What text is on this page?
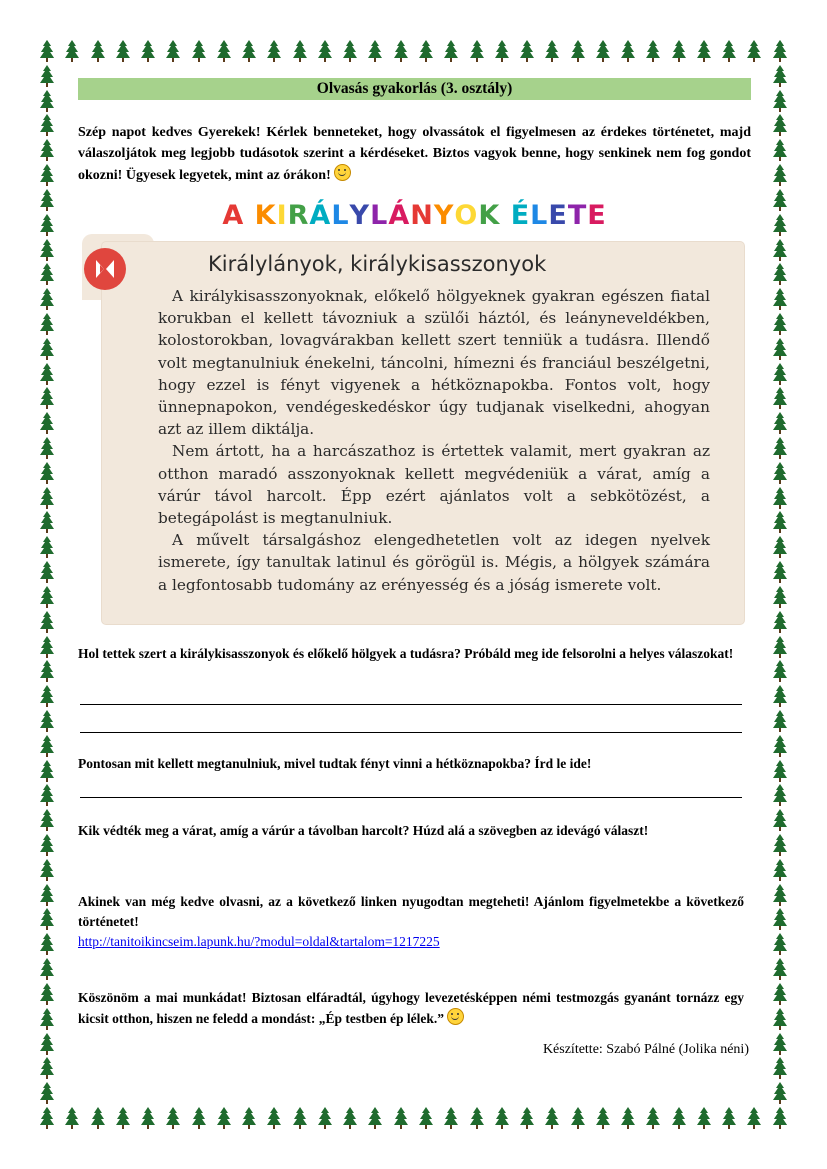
Olvasás gyakorlás (3. osztály)
Szép napot kedves Gyerekek! Kérlek benneteket, hogy olvassátok el figyelmesen az érdekes történetet, majd válaszoljátok meg legjobb tudásotok szerint a kérdéseket. Biztos vagyok benne, hogy senkinek nem fog gondot okozni! Ügyesek legyetek, mint az órákon!
A KIRÁLYLÁNYOK ÉLETE
Királylányok, királykisasszonyok

A királykisasszonyoknak, előkelő hölgyeknek gyakran egészen fiatal korukban el kellett távozniuk a szülői háztól, és leányneveldékben, kolostorokban, lovagvárakban kellett szert tenniük a tudásra. Illendő volt megtanulniuk énekelni, táncolni, hímezni és franciául beszélgetni, hogy ezzel is fényt vigyenek a hétköznapokba. Fontos volt, hogy ünnepnapokon, vendégeskedéskor úgy tudjanak viselkedni, ahogyan azt az illem diktálja.

Nem ártott, ha a harcászathoz is értettek valamit, mert gyakran az otthon maradó asszonyoknak kellett megvédeniük a várat, amíg a várúr távol harcolt. Épp ezért ajánlatos volt a sebkötözést, a betegápolást is megtanulniuk.

A művelt társalgáshoz elengedhetetlen volt az idegen nyelvek ismerete, így tanultak latinul és görögül is. Mégis, a hölgyek számára a legfontosabb tudomány az erényesség és a jóság ismerete volt.

Hol tettek szert a királykisasszonyok és előkelő hölgyek a tudásra? Próbáld meg ide felsorolni a helyes válaszokat!
Pontosan mit kellett megtanulniuk, mivel tudtak fényt vinni a hétköznapokba? Írd le ide!
Kik védték meg a várat, amíg a várúr a távolban harcolt? Húzd alá a szövegben az idevágó választ!
Akinek van még kedve olvasni, az a következő linken nyugodtan megteheti! Ajánlom figyelmetekbe a következő történetet!
http://tanitoikincseim.lapunk.hu/?modul=oldal&tartalom=1217225
Köszönöm a mai munkádat! Biztosan elfáradtál, úgyhogy levezetésképpen némi testmozgás gyanánt tornázz egy kicsit otthon, hiszen ne feledd a mondást: „Ép testben ép lélek.”
Készítette: Szabó Pálné (Jolika néni)
